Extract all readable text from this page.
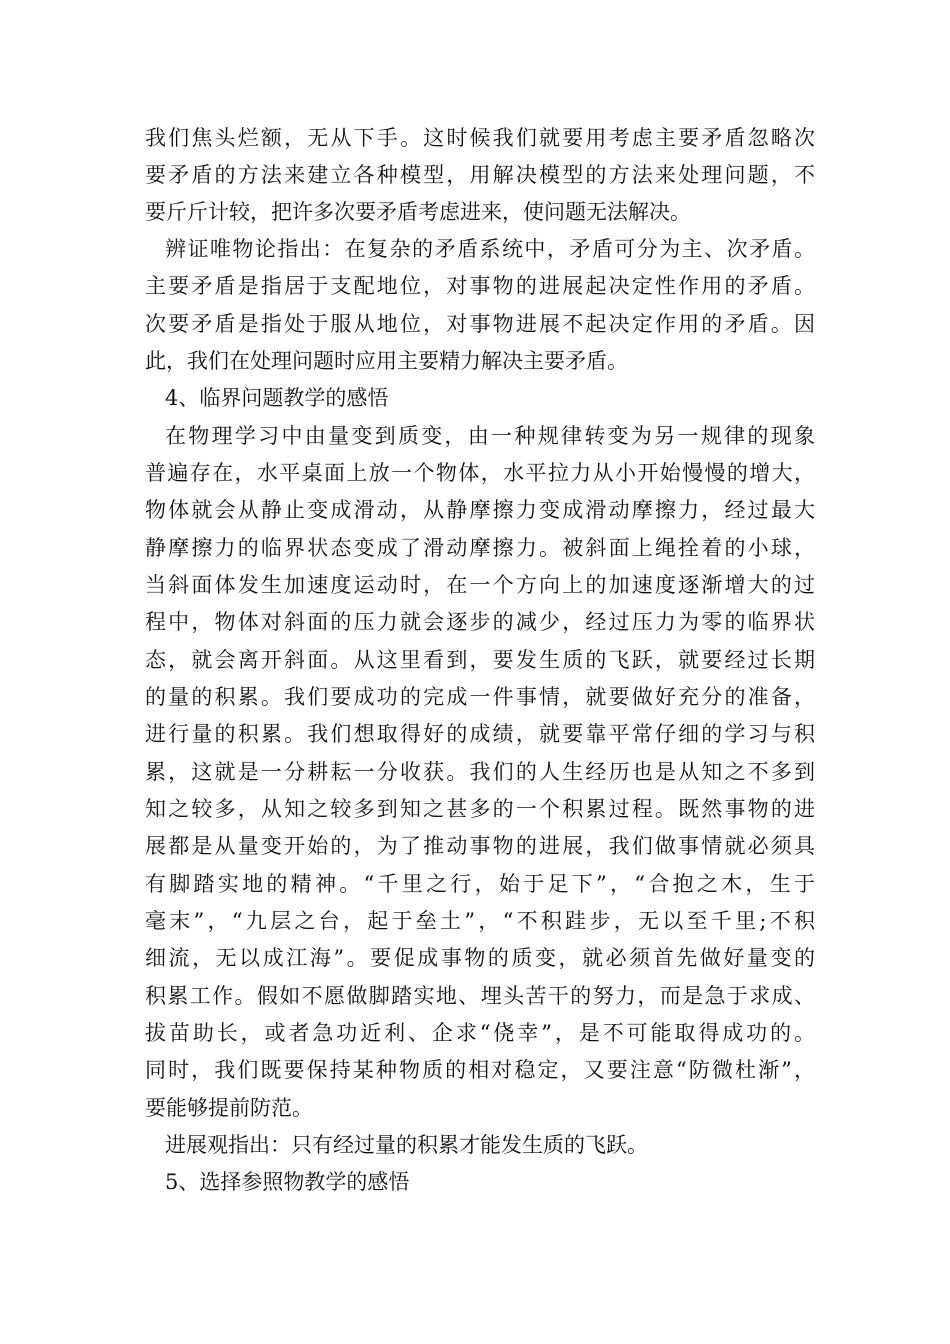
我们焦头烂额，无从下手。这时候我们就要用考虑主要矛盾忽略次
要矛盾的方法来建立各种模型，用解决模型的方法来处理问题，不
要斤斤计较，把许多次要矛盾考虑进来，使问题无法解决。
辨证唯物论指出：在复杂的矛盾系统中，矛盾可分为主、次矛盾。
主要矛盾是指居于支配地位，对事物的进展起决定性作用的矛盾。
次要矛盾是指处于服从地位，对事物进展不起决定作用的矛盾。因
此，我们在处理问题时应用主要精力解决主要矛盾。
4、临界问题教学的感悟
在物理学习中由量变到质变，由一种规律转变为另一规律的现象
普遍存在，水平桌面上放一个物体，水平拉力从小开始慢慢的增大，
物体就会从静止变成滑动，从静摩擦力变成滑动摩擦力，经过最大
静摩擦力的临界状态变成了滑动摩擦力。被斜面上绳拴着的小球，
当斜面体发生加速度运动时，在一个方向上的加速度逐渐增大的过
程中，物体对斜面的压力就会逐步的减少，经过压力为零的临界状
态，就会离开斜面。从这里看到，要发生质的飞跃，就要经过长期
的量的积累。我们要成功的完成一件事情，就要做好充分的准备，
进行量的积累。我们想取得好的成绩，就要靠平常仔细的学习与积
累，这就是一分耕耘一分收获。我们的人生经历也是从知之不多到
知之较多，从知之较多到知之甚多的一个积累过程。既然事物的进
展都是从量变开始的，为了推动事物的进展，我们做事情就必须具
有脚踏实地的精神。“千里之行，始于足下”，“合抱之木，生于
毫末”，“九层之台，起于垒土”，“不积跬步，无以至千里;不积
细流，无以成江海”。要促成事物的质变，就必须首先做好量变的
积累工作。假如不愿做脚踏实地、埋头苦干的努力，而是急于求成、
拔苗助长，或者急功近利、企求“侥幸”，是不可能取得成功的。
同时，我们既要保持某种物质的相对稳定，又要注意“防微杜渐”，
要能够提前防范。
进展观指出：只有经过量的积累才能发生质的飞跃。
5、选择参照物教学的感悟
